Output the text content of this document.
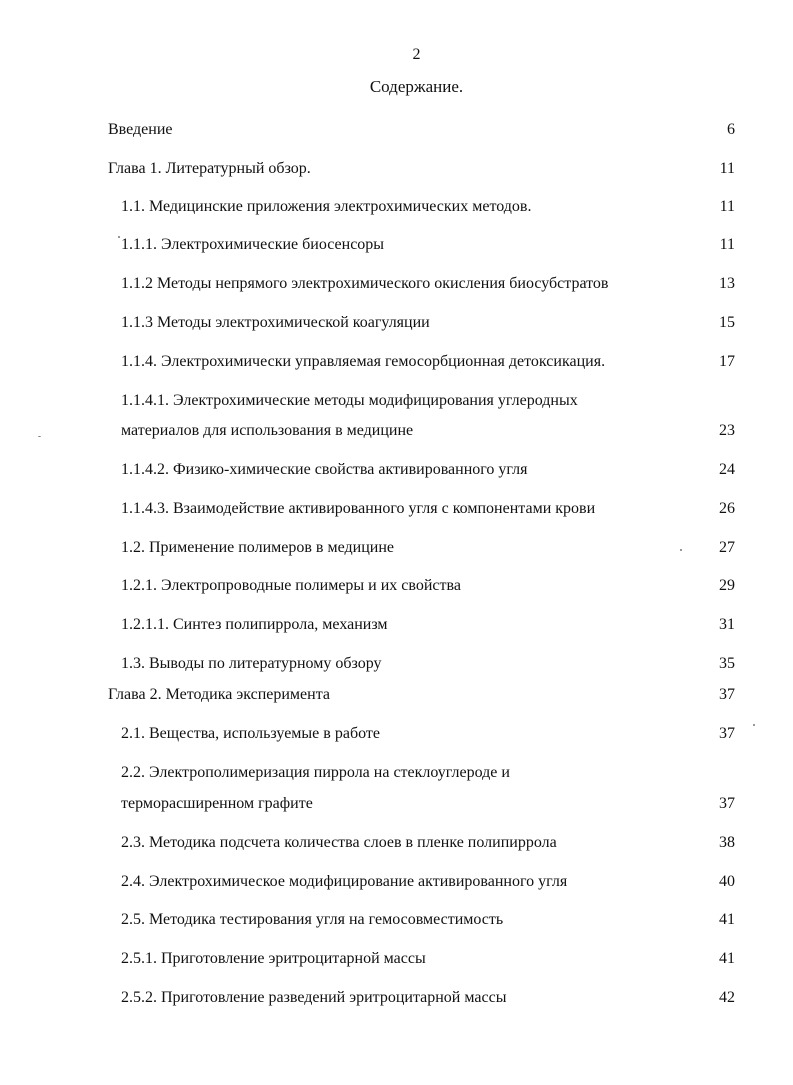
2
Содержание.
Введение	6
Глава 1. Литературный обзор.	11
1.1. Медицинские приложения электрохимических методов.	11
1.1.1. Электрохимические биосенсоры	11
1.1.2 Методы непрямого электрохимического окисления биосубстратов	13
1.1.3 Методы электрохимической коагуляции	15
1.1.4. Электрохимически управляемая гемосорбционная детоксикация.	17
1.1.4.1. Электрохимические методы модифицирования углеродных
материалов для использования в медицине	23
1.1.4.2. Физико-химические свойства активированного угля	24
1.1.4.3. Взаимодействие активированного угля с компонентами крови	26
1.2. Применение полимеров в медицине	27
1.2.1. Электропроводные полимеры и их свойства	29
1.2.1.1. Синтез полипиррола, механизм	31
1.3. Выводы по литературному обзору	35
Глава 2. Методика эксперимента	37
2.1. Вещества, используемые в работе	37
2.2. Электрополимеризация пиррола на стеклоуглероде и
терморасширенном графите	37
2.3. Методика подсчета количества слоев в пленке полипиррола	38
2.4. Электрохимическое модифицирование активированного угля	40
2.5. Методика тестирования угля на гемосовместимость	41
2.5.1. Приготовление эритроцитарной массы	41
2.5.2. Приготовление разведений эритроцитарной массы	42
